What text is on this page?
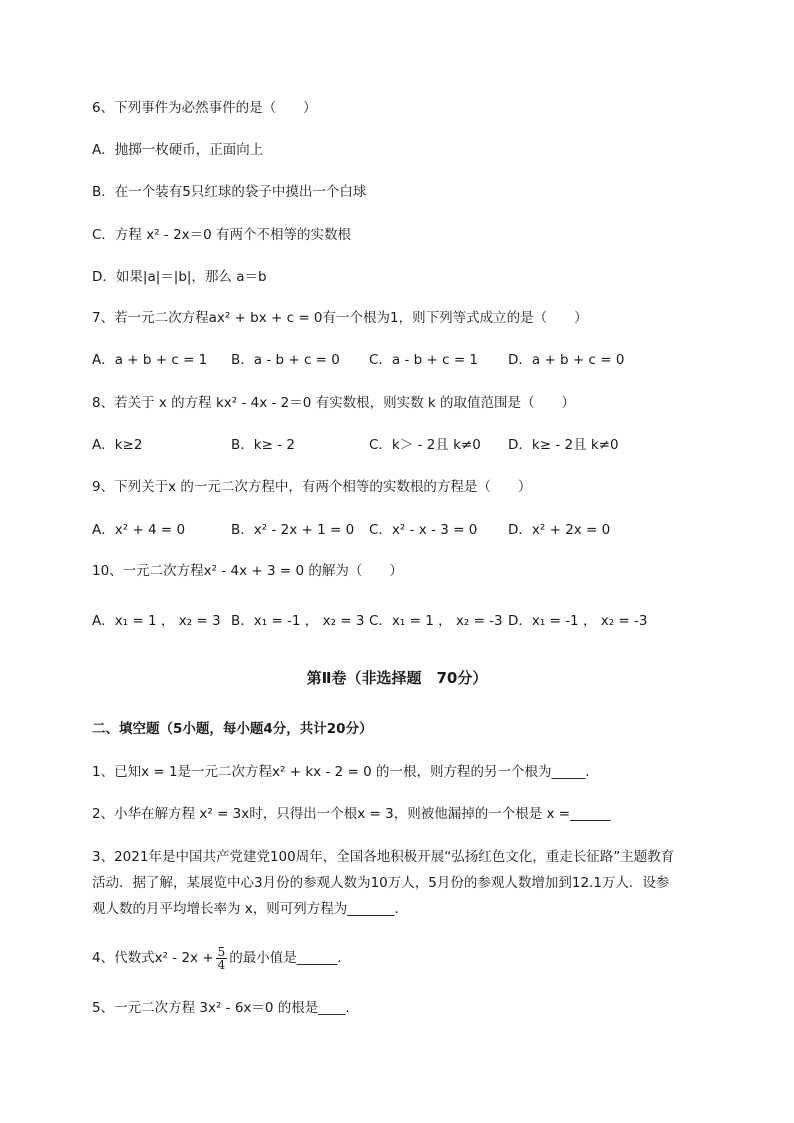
6、下列事件为必然事件的是（　　）
A．抛掷一枚硬币，正面向上
B．在一个装有5只红球的袋子中摸出一个白球
C．方程 x² - 2x＝0 有两个不相等的实数根
D．如果|a|＝|b|，那么 a＝b
7、若一元二次方程ax² + bx + c = 0有一个根为1，则下列等式成立的是（　　）
A．a + b + c = 1 B．a - b + c = 0 C．a - b + c = 1 D．a + b + c = 0
8、若关于 x 的方程 kx² - 4x - 2＝0 有实数根，则实数 k 的取值范围是（　　）
A．k≥2	B．k≥ - 2	C．k＞ - 2且 k≠0 D．k≥ - 2且 k≠0
9、下列关于x 的一元二次方程中，有两个相等的实数根的方程是（　　）
A．x² + 4 = 0	B．x² - 2x + 1 = 0 C．x² - x - 3 = 0 D．x² + 2x = 0
10、一元二次方程x² - 4x + 3 = 0 的解为（　　）
A．x₁ = 1 ， x₂ = 3 B．x₁ = -1 ， x₂ = 3 C．x₁ = 1 ， x₂ = -3 D．x₁ = -1 ， x₂ = -3
第Ⅱ卷（非选择题　70分）
二、填空题（5小题，每小题4分，共计20分）
1、已知x = 1是一元二次方程x² + kx - 2 = 0 的一根，则方程的另一个根为_____.
2、小华在解方程 x² = 3x时，只得出一个根x = 3，则被他漏掉的一个根是 x =______
3、2021年是中国共产党建党100周年，全国各地积极开展“弘扬红色文化，重走长征路”主题教育
活动．据了解，某展览中心3月份的参观人数为10万人，5月份的参观人数增加到12.1万人．设参
观人数的月平均增长率为 x，则可列方程为_______.
4、代数式$x^2 - 2x + \frac{5}{4}$ 的最小值是______.
5、一元二次方程 3x² - 6x＝0 的根是____.
